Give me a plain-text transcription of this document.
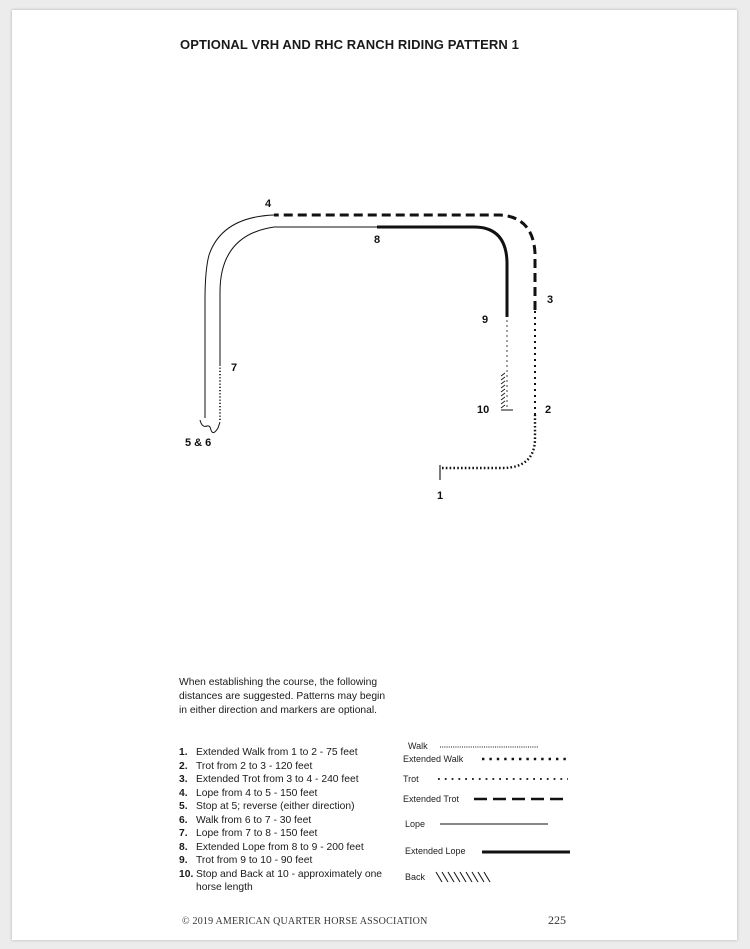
OPTIONAL VRH AND RHC RANCH RIDING PATTERN 1
4
8
3
9
7
10	2
5 & 6
1

When establishing the course, the following distances are suggested. Patterns may begin in either direction and markers are optional.

1. Extended Walk from 1 to 2 - 75 feet
2. Trot from 2 to 3 - 120 feet
3. Extended Trot from 3 to 4 - 240 feet
4. Lope from 4 to 5 - 150 feet
5. Stop at 5; reverse (either direction)
6. Walk from 6 to 7 - 30 feet
7. Lope from 7 to 8 - 150 feet
8. Extended Lope from 8 to 9 - 200 feet
9. Trot from 9 to 10 - 90 feet
10. Stop and Back at 10 - approximately one horse length
Walk
Extended Walk
Trot
Extended Trot
Lope
Extended Lope
Back
© 2019 AMERICAN QUARTER HORSE ASSOCIATION	225
